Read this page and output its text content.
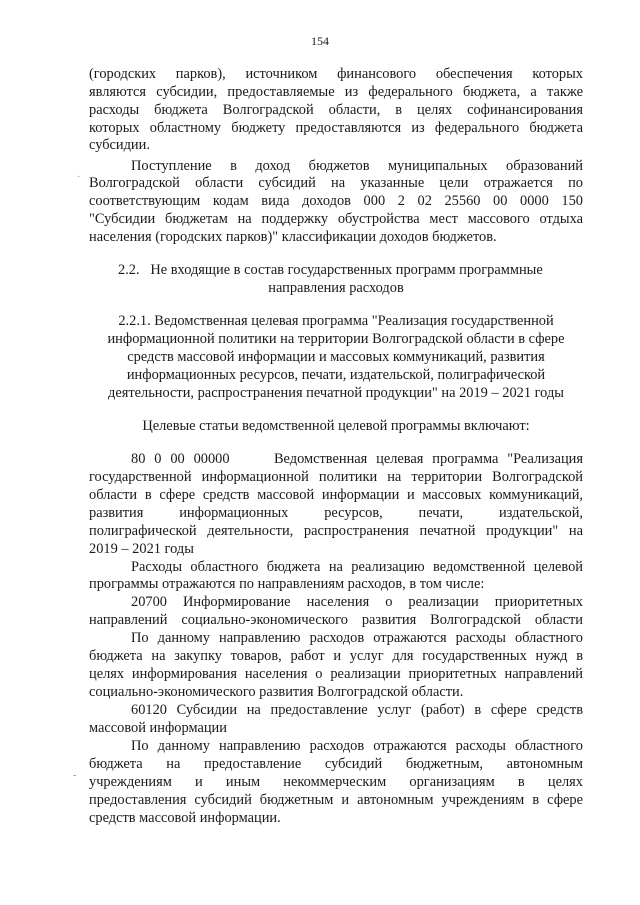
154
·
-
(городских парков), источником финансового обеспечения которых
являются субсидии, предоставляемые из федерального бюджета, а также
расходы бюджета Волгоградской области, в целях софинансирования
которых областному бюджету предоставляются из федерального бюджета
субсидии.
Поступление в доход бюджетов муниципальных образований
Волгоградской области субсидий на указанные цели отражается по
соответствующим кодам вида доходов 000 2 02 25560 00 0000 150
"Субсидии бюджетам на поддержку обустройства мест массового отдыха
населения (городских парков)" классификации доходов бюджетов.
2.2.   Не входящие в состав государственных программ программные
направления расходов
2.2.1. Ведомственная целевая программа "Реализация государственной
информационной политики на территории Волгоградской области в сфере
средств массовой информации и массовых коммуникаций, развития
информационных ресурсов, печати, издательской, полиграфической
деятельности, распространения печатной продукции" на 2019 – 2021 годы
Целевые статьи ведомственной целевой программы включают:
80 0 00 00000     Ведомственная целевая программа "Реализация
государственной информационной политики на территории Волгоградской
области в сфере средств массовой информации и массовых коммуникаций,
развития информационных ресурсов, печати, издательской,
полиграфической деятельности, распространения печатной продукции" на
2019 – 2021 годы
Расходы областного бюджета на реализацию ведомственной целевой
программы отражаются по направлениям расходов, в том числе:
20700 Информирование населения о реализации приоритетных
направлений социально-экономического развития Волгоградской области
По данному направлению расходов отражаются расходы областного
бюджета на закупку товаров, работ и услуг для государственных нужд в
целях информирования населения о реализации приоритетных направлений
социально-экономического развития Волгоградской области.
60120 Субсидии на предоставление услуг (работ) в сфере средств
массовой информации
По данному направлению расходов отражаются расходы областного
бюджета на предоставление субсидий бюджетным, автономным
учреждениям и иным некоммерческим организациям в целях
предоставления субсидий бюджетным и автономным учреждениям в сфере
средств массовой информации.
